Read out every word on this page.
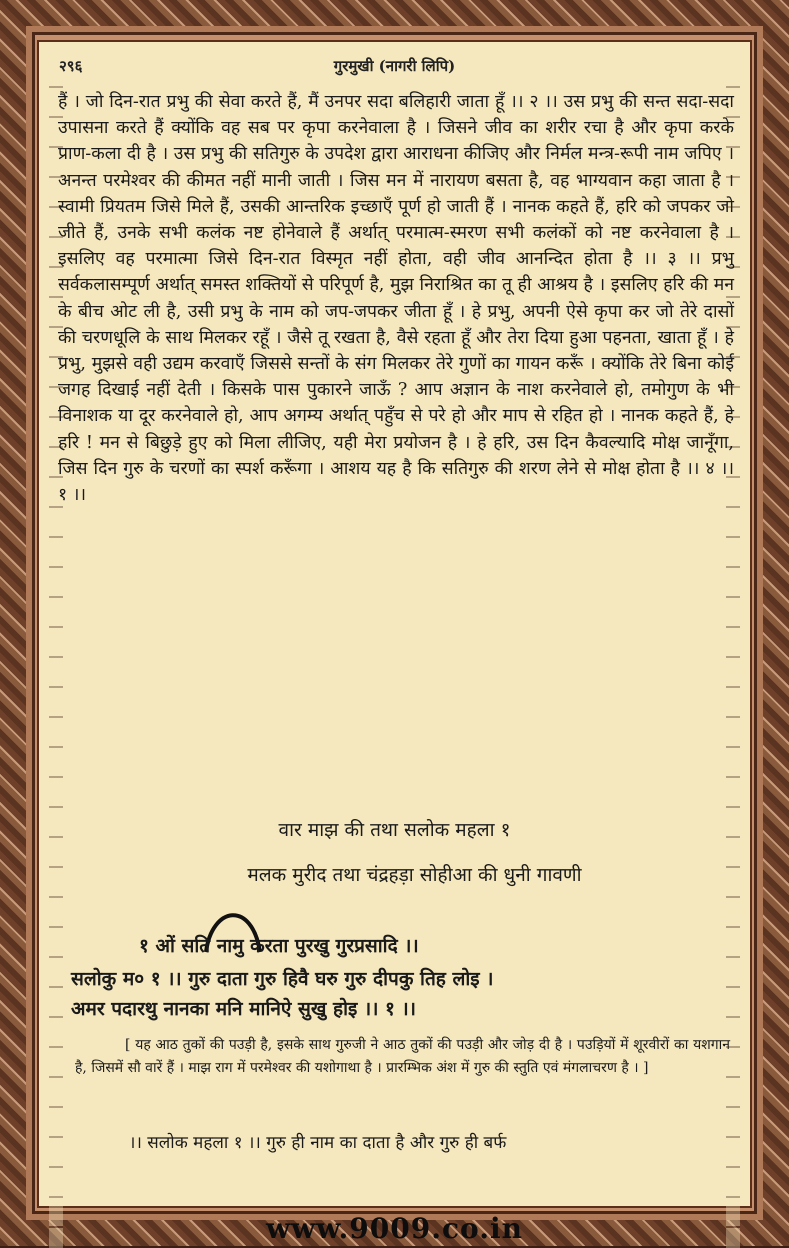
२९६	गुरमुखी (नागरी लिपि)

हैं । जो दिन-रात प्रभु की सेवा करते हैं, मैं उनपर सदा बलिहारी जाता हूँ ।। २ ।। उस प्रभु की सन्त सदा-सदा उपासना करते हैं क्योंकि वह सब पर कृपा करनेवाला है । जिसने जीव का शरीर रचा है और कृपा करके प्राण-कला दी है । उस प्रभु की सतिगुरु के उपदेश द्वारा आराधना कीजिए और निर्मल मन्त्र-रूपी नाम जपिए । अनन्त परमेश्वर की कीमत नहीं मानी जाती । जिस मन में नारायण बसता है, वह भाग्यवान कहा जाता है । स्वामी प्रियतम जिसे मिले हैं, उसकी आन्तरिक इच्छाएँ पूर्ण हो जाती हैं । नानक कहते हैं, हरि को जपकर जो जीते हैं, उनके सभी कलंक नष्ट होनेवाले हैं अर्थात् परमात्म-स्मरण सभी कलंकों को नष्ट करनेवाला है । इसलिए वह परमात्मा जिसे दिन-रात विस्मृत नहीं होता, वही जीव आनन्दित होता है ।। ३ ।। प्रभु सर्वकलासम्पूर्ण अर्थात् समस्त शक्तियों से परिपूर्ण है, मुझ निराश्रित का तू ही आश्रय है । इसलिए हरि की मन के बीच ओट ली है, उसी प्रभु के नाम को जप-जपकर जीता हूँ । हे प्रभु, अपनी ऐसे कृपा कर जो तेरे दासों की चरणधूलि के साथ मिलकर रहूँ । जैसे तू रखता है, वैसे रहता हूँ और तेरा दिया हुआ पहनता, खाता हूँ । हे प्रभु, मुझसे वही उद्यम करवाएँ जिससे सन्तों के संग मिलकर तेरे गुणों का गायन करूँ । क्योंकि तेरे बिना कोई जगह दिखाई नहीं देती । किसके पास पुकारने जाऊँ ? आप अज्ञान के नाश करनेवाले हो, तमोगुण के भी विनाशक या दूर करनेवाले हो, आप अगम्य अर्थात् पहुँच से परे हो और माप से रहित हो । नानक कहते हैं, हे हरि ! मन से बिछुड़े हुए को मिला लीजिए, यही मेरा प्रयोजन है । हे हरि, उस दिन कैवल्यादि मोक्ष जानूँगा, जिस दिन गुरु के चरणों का स्पर्श करूँगा । आशय यह है कि सतिगुरु की शरण लेने से मोक्ष होता है ।। ४ ।। १ ।।

वार माझ की तथा सलोक महला १
मलक मुरीद तथा चंद्रहड़ा सोहीआ की धुनी गावणी
१ ओं सति नामु करता पुरखु गुरप्रसादि ।।
सलोकु म० १ ।। गुरु दाता गुरु हिवै घरु गुरु दीपकु तिह लोइ ।
अमर पदारथु नानका मनि मानिऐ सुखु होइ ।। १ ।।
[ यह आठ तुकों की पउड़ी है, इसके साथ गुरुजी ने आठ तुकों की पउड़ी और जोड़ दी है । पउड़ियों में शूरवीरों का यशगान है, जिसमें सौ वारें हैं । माझ राग में परमेश्वर की यशोगाथा है । प्रारम्भिक अंश में गुरु की स्तुति एवं मंगलाचरण है । ]
।। सलोक महला १ ।। गुरु ही नाम का दाता है और गुरु ही बर्फ
www.9009.co.in
